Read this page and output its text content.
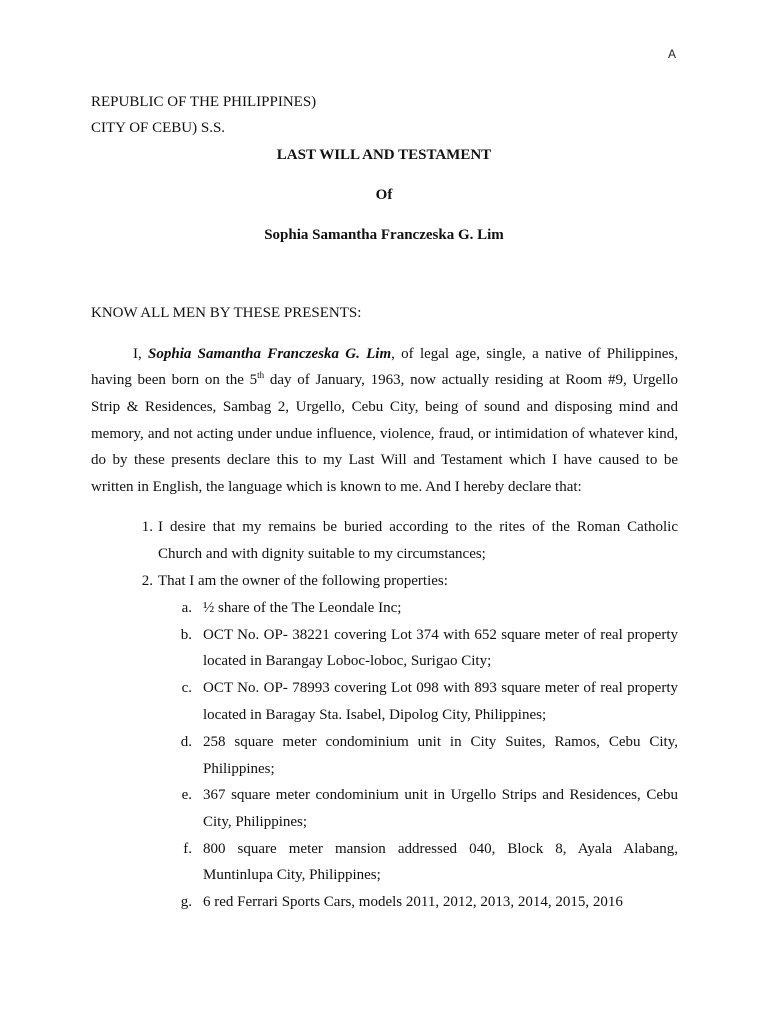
A
REPUBLIC OF THE PHILIPPINES)
CITY OF CEBU) S.S.
LAST WILL AND TESTAMENT
Of
Sophia Samantha Franczeska G. Lim
KNOW ALL MEN BY THESE PRESENTS:
I, Sophia Samantha Franczeska G. Lim, of legal age, single, a native of Philippines,
having been born on the 5th day of January, 1963, now actually residing at Room #9, Urgello
Strip & Residences, Sambag 2, Urgello, Cebu City, being of sound and disposing mind and
memory, and not acting under undue influence, violence, fraud, or intimidation of whatever kind,
do by these presents declare this to my Last Will and Testament which I have caused to be
written in English, the language which is known to me. And I hereby declare that:
1. I desire that my remains be buried according to the rites of the Roman Catholic
Church and with dignity suitable to my circumstances;
2. That I am the owner of the following properties:
a. ½ share of the The Leondale Inc;
b. OCT No. OP- 38221 covering Lot 374 with 652 square meter of real property
located in Barangay Loboc-loboc, Surigao City;
c. OCT No. OP- 78993 covering Lot 098 with 893 square meter of real property
located in Baragay Sta. Isabel, Dipolog City, Philippines;
d. 258 square meter condominium unit in City Suites, Ramos, Cebu City,
Philippines;
e. 367 square meter condominium unit in Urgello Strips and Residences, Cebu
City, Philippines;
f. 800 square meter mansion addressed 040, Block 8, Ayala Alabang,
Muntinlupa City, Philippines;
g. 6 red Ferrari Sports Cars, models 2011, 2012, 2013, 2014, 2015, 2016
